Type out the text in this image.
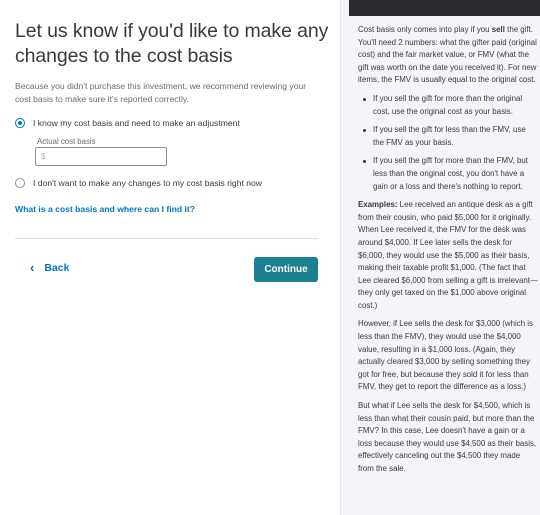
Let us know if you'd like to make any changes to the cost basis
Because you didn't purchase this investment, we recommend reviewing your cost basis to make sure it's reported correctly.
I know my cost basis and need to make an adjustment
Actual cost basis
$
I don't want to make any changes to my cost basis right now
What is a cost basis and where can I find it?
‹ Back	Continue

Cost basis only comes into play if you sell the gift. You'll need 2 numbers: what the gifter paid (original cost) and the fair market value, or FMV (what the gift was worth on the date you received it). For new items, the FMV is usually equal to the original cost.

If you sell the gift for more than the original cost, use the original cost as your basis.
If you sell the gift for less than the FMV, use the FMV as your basis.
If you sell the gift for more than the FMV, but less than the original cost, you don't have a gain or a loss and there's nothing to report.

Examples: Lee received an antique desk as a gift from their cousin, who paid $5,000 for it originally. When Lee received it, the FMV for the desk was around $4,000. If Lee later sells the desk for $6,000, they would use the $5,000 as their basis, making their taxable profit $1,000. (The fact that Lee cleared $6,000 from selling a gift is irrelevant—they only get taxed on the $1,000 above original cost.)

However, if Lee sells the desk for $3,000 (which is less than the FMV), they would use the $4,000 value, resulting in a $1,000 loss. (Again, they actually cleared $3,000 by selling something they got for free, but because they sold it for less than FMV, they get to report the difference as a loss.)

But what if Lee sells the desk for $4,500, which is less than what their cousin paid, but more than the FMV? In this case, Lee doesn't have a gain or a loss because they would use $4,500 as their basis, effectively canceling out the $4,500 they made from the sale.
